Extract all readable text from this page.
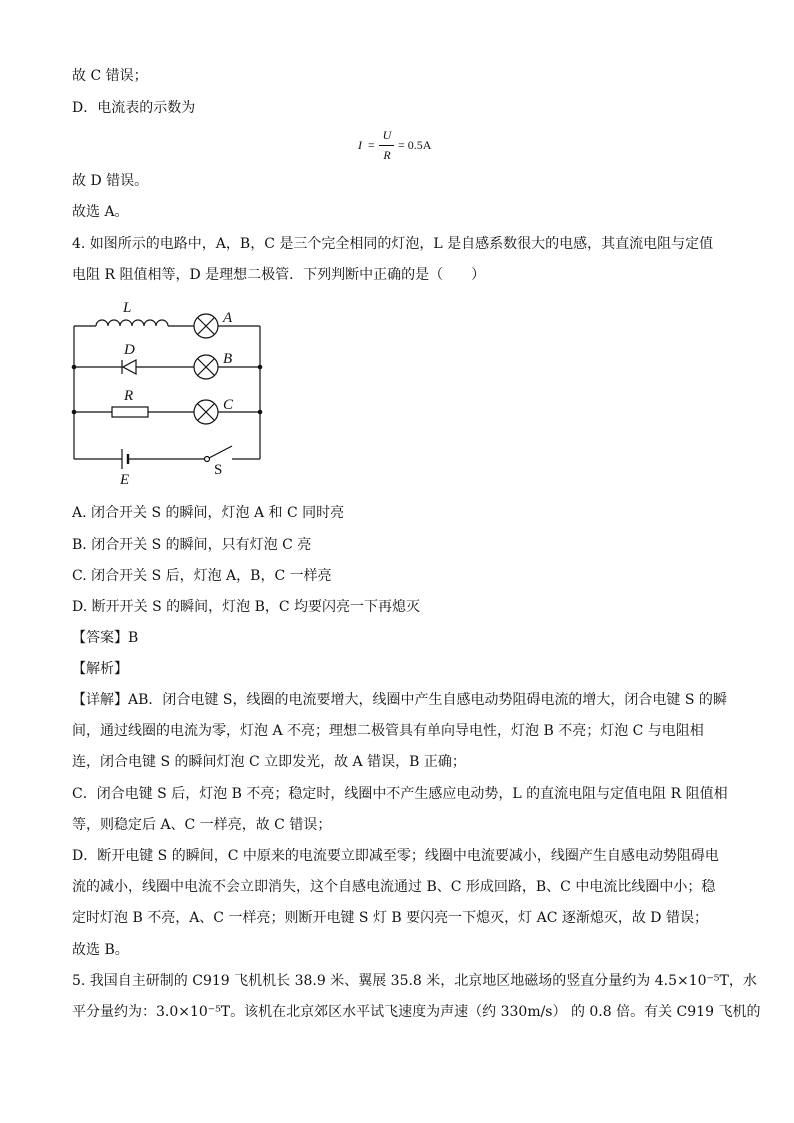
故 C 错误；
D．电流表的示数为
I =
U
R
= 0.5A
故 D 错误。
故选 A。
4. 如图所示的电路中，A，B，C 是三个完全相同的灯泡，L 是自感系数很大的电感，其直流电阻与定值
电阻 R 阻值相等，D 是理想二极管．下列判断中正确的是（　　）
L
A
D
B
R
C
E
S
A. 闭合开关 S 的瞬间，灯泡 A 和 C 同时亮
B. 闭合开关 S 的瞬间，只有灯泡 C 亮
C. 闭合开关 S 后，灯泡 A，B，C 一样亮
D. 断开开关 S 的瞬间，灯泡 B，C 均要闪亮一下再熄灭
【答案】B
【解析】
【详解】AB．闭合电键 S，线圈的电流要增大，线圈中产生自感电动势阻碍电流的增大，闭合电键 S 的瞬
间，通过线圈的电流为零，灯泡 A 不亮；理想二极管具有单向导电性，灯泡 B 不亮；灯泡 C 与电阻相
连，闭合电键 S 的瞬间灯泡 C 立即发光，故 A 错误，B 正确；
C．闭合电键 S 后，灯泡 B 不亮；稳定时，线圈中不产生感应电动势，L 的直流电阻与定值电阻 R 阻值相
等，则稳定后 A、C 一样亮，故 C 错误；
D．断开电键 S 的瞬间，C 中原来的电流要立即减至零；线圈中电流要减小，线圈产生自感电动势阻碍电
流的减小，线圈中电流不会立即消失，这个自感电流通过 B、C 形成回路，B、C 中电流比线圈中小；稳
定时灯泡 B 不亮，A、C 一样亮；则断开电键 S 灯 B 要闪亮一下熄灭，灯 AC 逐渐熄灭，故 D 错误；
故选 B。
5. 我国自主研制的 C919 飞机机长 38.9 米、翼展 35.8 米，北京地区地磁场的竖直分量约为 4.5×10⁻⁵T，水
平分量约为：3.0×10⁻⁵T。该机在北京郊区水平试飞速度为声速（约 330m/s） 的 0.8 倍。有关 C919 飞机的
